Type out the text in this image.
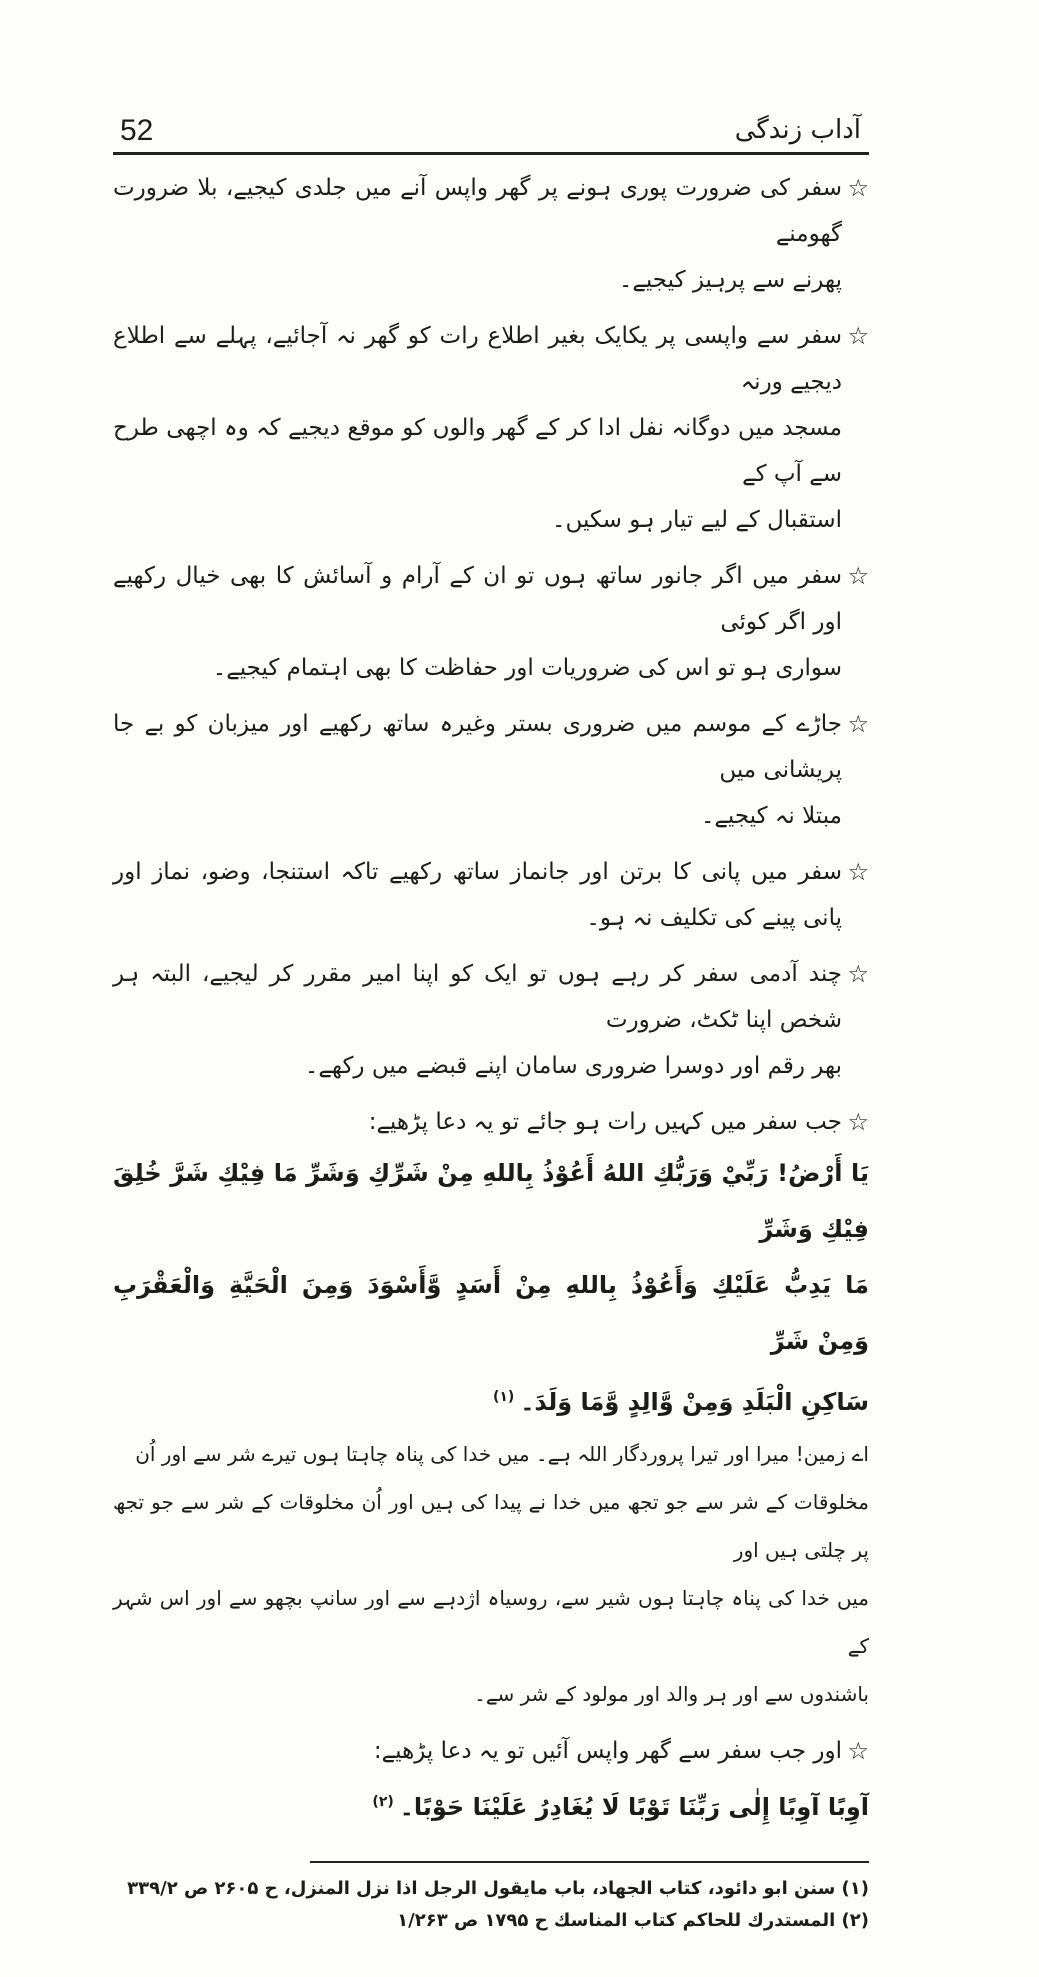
آداب زندگی
52
☆
سفر کی ضرورت پوری ہونے پر گھر واپس آنے میں جلدی کیجیے، بلا ضرورت گھومنے
پھرنے سے پرہیز کیجیے۔
☆
سفر سے واپسی پر یکایک بغیر اطلاع رات کو گھر نہ آجائیے، پہلے سے اطلاع دیجیے ورنہ
مسجد میں دوگانہ نفل ادا کر کے گھر والوں کو موقع دیجیے کہ وہ اچھی طرح سے آپ کے
استقبال کے لیے تیار ہو سکیں۔
☆
سفر میں اگر جانور ساتھ ہوں تو ان کے آرام و آسائش کا بھی خیال رکھیے اور اگر کوئی
سواری ہو تو اس کی ضروریات اور حفاظت کا بھی اہتمام کیجیے۔
☆
جاڑے کے موسم میں ضروری بستر وغیرہ ساتھ رکھیے اور میزبان کو بے جا پریشانی میں
مبتلا نہ کیجیے۔
☆
سفر میں پانی کا برتن اور جانماز ساتھ رکھیے تاکہ استنجا، وضو، نماز اور پانی پینے کی تکلیف نہ ہو۔
☆
چند آدمی سفر کر رہے ہوں تو ایک کو اپنا امیر مقرر کر لیجیے، البتہ ہر شخص اپنا ٹکٹ، ضرورت
بھر رقم اور دوسرا ضروری سامان اپنے قبضے میں رکھے۔
☆
جب سفر میں کہیں رات ہو جائے تو یہ دعا پڑھیے:
يَا أَرْضُ! رَبِّيْ وَرَبُّكِ اللهُ أَعُوْذُ بِاللهِ مِنْ شَرِّكِ وَشَرِّ مَا فِيْكِ شَرَّ خُلِقَ فِيْكِ وَشَرِّ
مَا يَدِبُّ عَلَيْكِ وَأَعُوْذُ بِاللهِ مِنْ أَسَدٍ وَّأَسْوَدَ وَمِنَ الْحَيَّةِ وَالْعَقْرَبِ وَمِنْ شَرِّ
سَاكِنِ الْبَلَدِ وَمِنْ وَّالِدٍ وَّمَا وَلَدَ۔$^{(۱)}$
اے زمین! میرا اور تیرا پروردگار اللہ ہے۔ میں خدا کی پناہ چاہتا ہوں تیرے شر سے اور اُن
مخلوقات کے شر سے جو تجھ میں خدا نے پیدا کی ہیں اور اُن مخلوقات کے شر سے جو تجھ پر چلتی ہیں اور
میں خدا کی پناہ چاہتا ہوں شیر سے، روسیاہ اژدہے سے اور سانپ بچھو سے اور اس شہر کے
باشندوں سے اور ہر والد اور مولود کے شر سے۔
☆
اور جب سفر سے گھر واپس آئیں تو یہ دعا پڑھیے:
آوِبًا آوِبًا إِلٰى رَبِّنَا تَوْبًا لَا يُغَادِرُ عَلَيْنَا حَوْبًا۔$^{(۲)}$
(۱) سنن ابو دائود، کتاب الجهاد، باب مایقول الرجل اذا نزل المنزل، ح ۲۶۰۵ ص ۳۳۹/۲
(۲) المستدرك للحاکم کتاب المناسك ح ۱۷۹۵ ص ۱/۲۶۳
